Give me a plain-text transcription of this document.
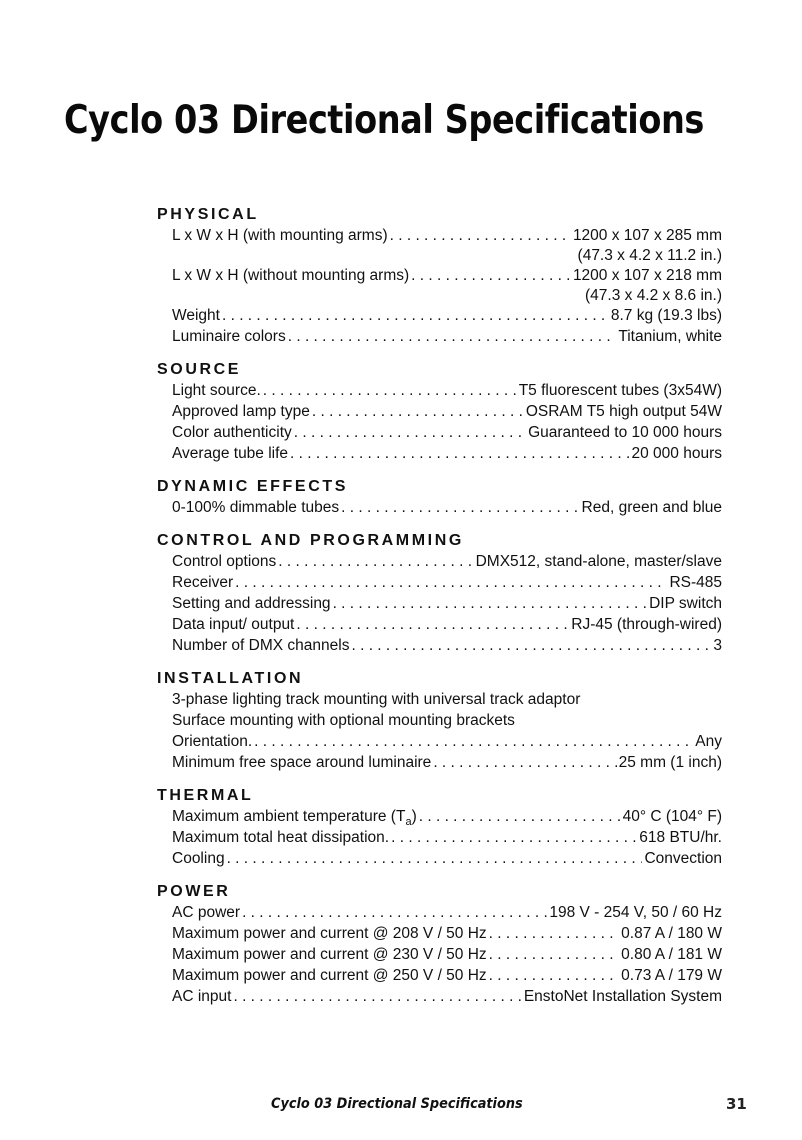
Cyclo 03 Directional Specifications
PHYSICAL
L x W x H (with mounting arms) . . .	1200 x 107 x 285 mm
(47.3 x 4.2 x 11.2 in.)
L x W x H (without mounting arms) . . .	1200 x 107 x 218 mm
(47.3 x 4.2 x 8.6 in.)
Weight . . .	8.7 kg (19.3 lbs)
Luminaire colors . . .	Titanium, white
SOURCE
Light source. . . .	T5 fluorescent tubes (3x54W)
Approved lamp type . . .	OSRAM T5 high output 54W
Color authenticity . . .	Guaranteed to 10 000 hours
Average tube life . . .	20 000 hours
DYNAMIC EFFECTS
0-100% dimmable tubes . . .	Red, green and blue
CONTROL AND PROGRAMMING
Control options . . .	DMX512, stand-alone, master/slave
Receiver . . .	RS-485
Setting and addressing . . .	DIP switch
Data input/ output . . .	RJ-45 (through-wired)
Number of DMX channels . . .	3
INSTALLATION
3-phase lighting track mounting with universal track adaptor
Surface mounting with optional mounting brackets
Orientation. . . .	Any
Minimum free space around luminaire . . .	25 mm (1 inch)
THERMAL
Maximum ambient temperature $(T_a)$ . . .	40° C (104° F)
Maximum total heat dissipation. . . .	618 BTU/hr.
Cooling . . .	Convection
POWER
AC power . . .	198 V - 254 V, 50 / 60 Hz
Maximum power and current @ 208 V / 50 Hz . . .	0.87 A / 180 W
Maximum power and current @ 230 V / 50 Hz . . .	0.80 A / 181 W
Maximum power and current @ 250 V / 50 Hz . . .	0.73 A / 179 W
AC input . . .	EnstoNet Installation System
Cyclo 03 Directional Specifications	31
